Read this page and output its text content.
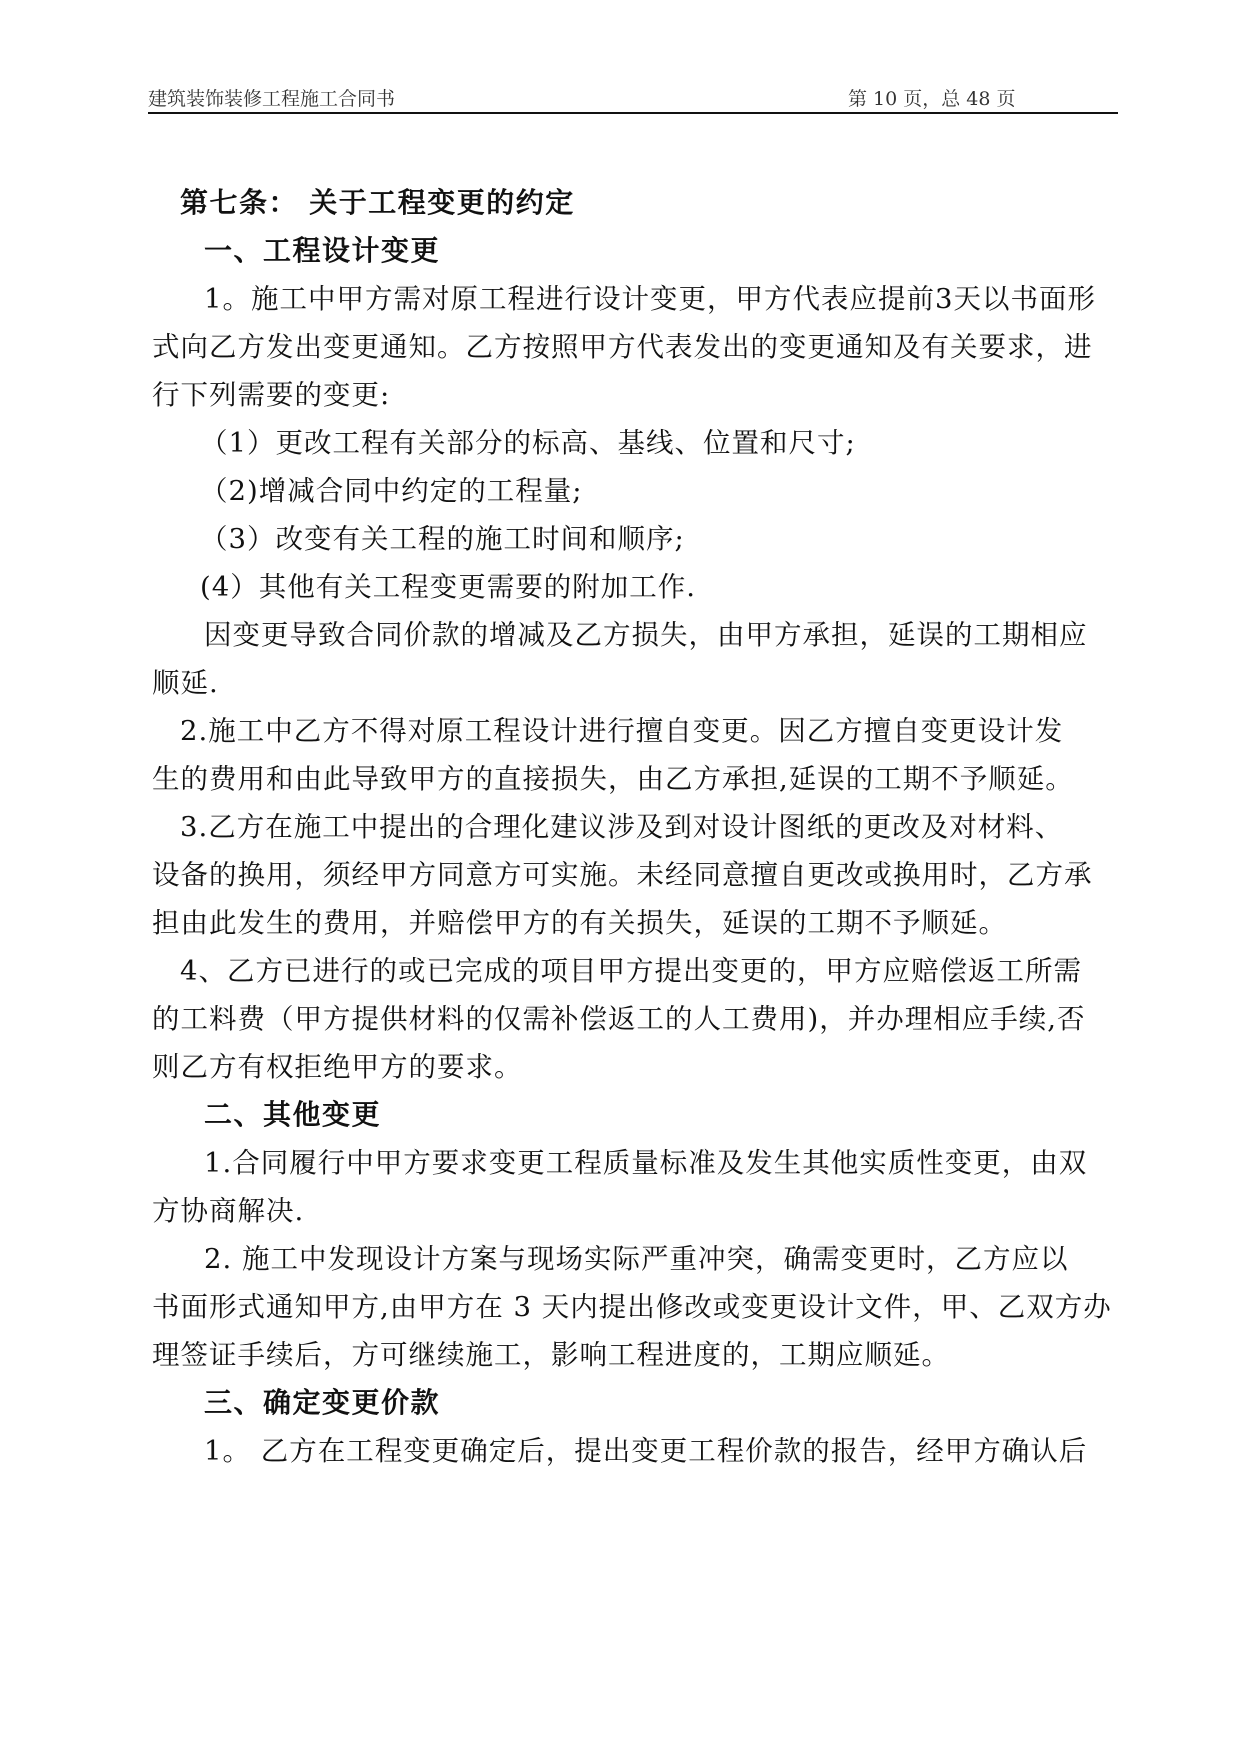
建筑装饰装修工程施工合同书	第 10 页，总 48 页
第七条： 关于工程变更的约定
一、工程设计变更
1。施工中甲方需对原工程进行设计变更，甲方代表应提前3天以书面形
式向乙方发出变更通知。乙方按照甲方代表发出的变更通知及有关要求，进
行下列需要的变更:
（1）更改工程有关部分的标高、基线、位置和尺寸;
（2)增减合同中约定的工程量;
（3）改变有关工程的施工时间和顺序;
(4）其他有关工程变更需要的附加工作.
因变更导致合同价款的增减及乙方损失，由甲方承担，延误的工期相应
顺延.
2.施工中乙方不得对原工程设计进行擅自变更。因乙方擅自变更设计发
生的费用和由此导致甲方的直接损失，由乙方承担,延误的工期不予顺延。
3.乙方在施工中提出的合理化建议涉及到对设计图纸的更改及对材料、
设备的换用，须经甲方同意方可实施。未经同意擅自更改或换用时，乙方承
担由此发生的费用，并赔偿甲方的有关损失，延误的工期不予顺延。
4、乙方已进行的或已完成的项目甲方提出变更的，甲方应赔偿返工所需
的工料费（甲方提供材料的仅需补偿返工的人工费用)，并办理相应手续,否
则乙方有权拒绝甲方的要求。
二、其他变更
1.合同履行中甲方要求变更工程质量标准及发生其他实质性变更，由双
方协商解决.
2. 施工中发现设计方案与现场实际严重冲突，确需变更时，乙方应以
书面形式通知甲方,由甲方在 3 天内提出修改或变更设计文件，甲、乙双方办
理签证手续后，方可继续施工，影响工程进度的，工期应顺延。
三、确定变更价款
1。 乙方在工程变更确定后，提出变更工程价款的报告，经甲方确认后
